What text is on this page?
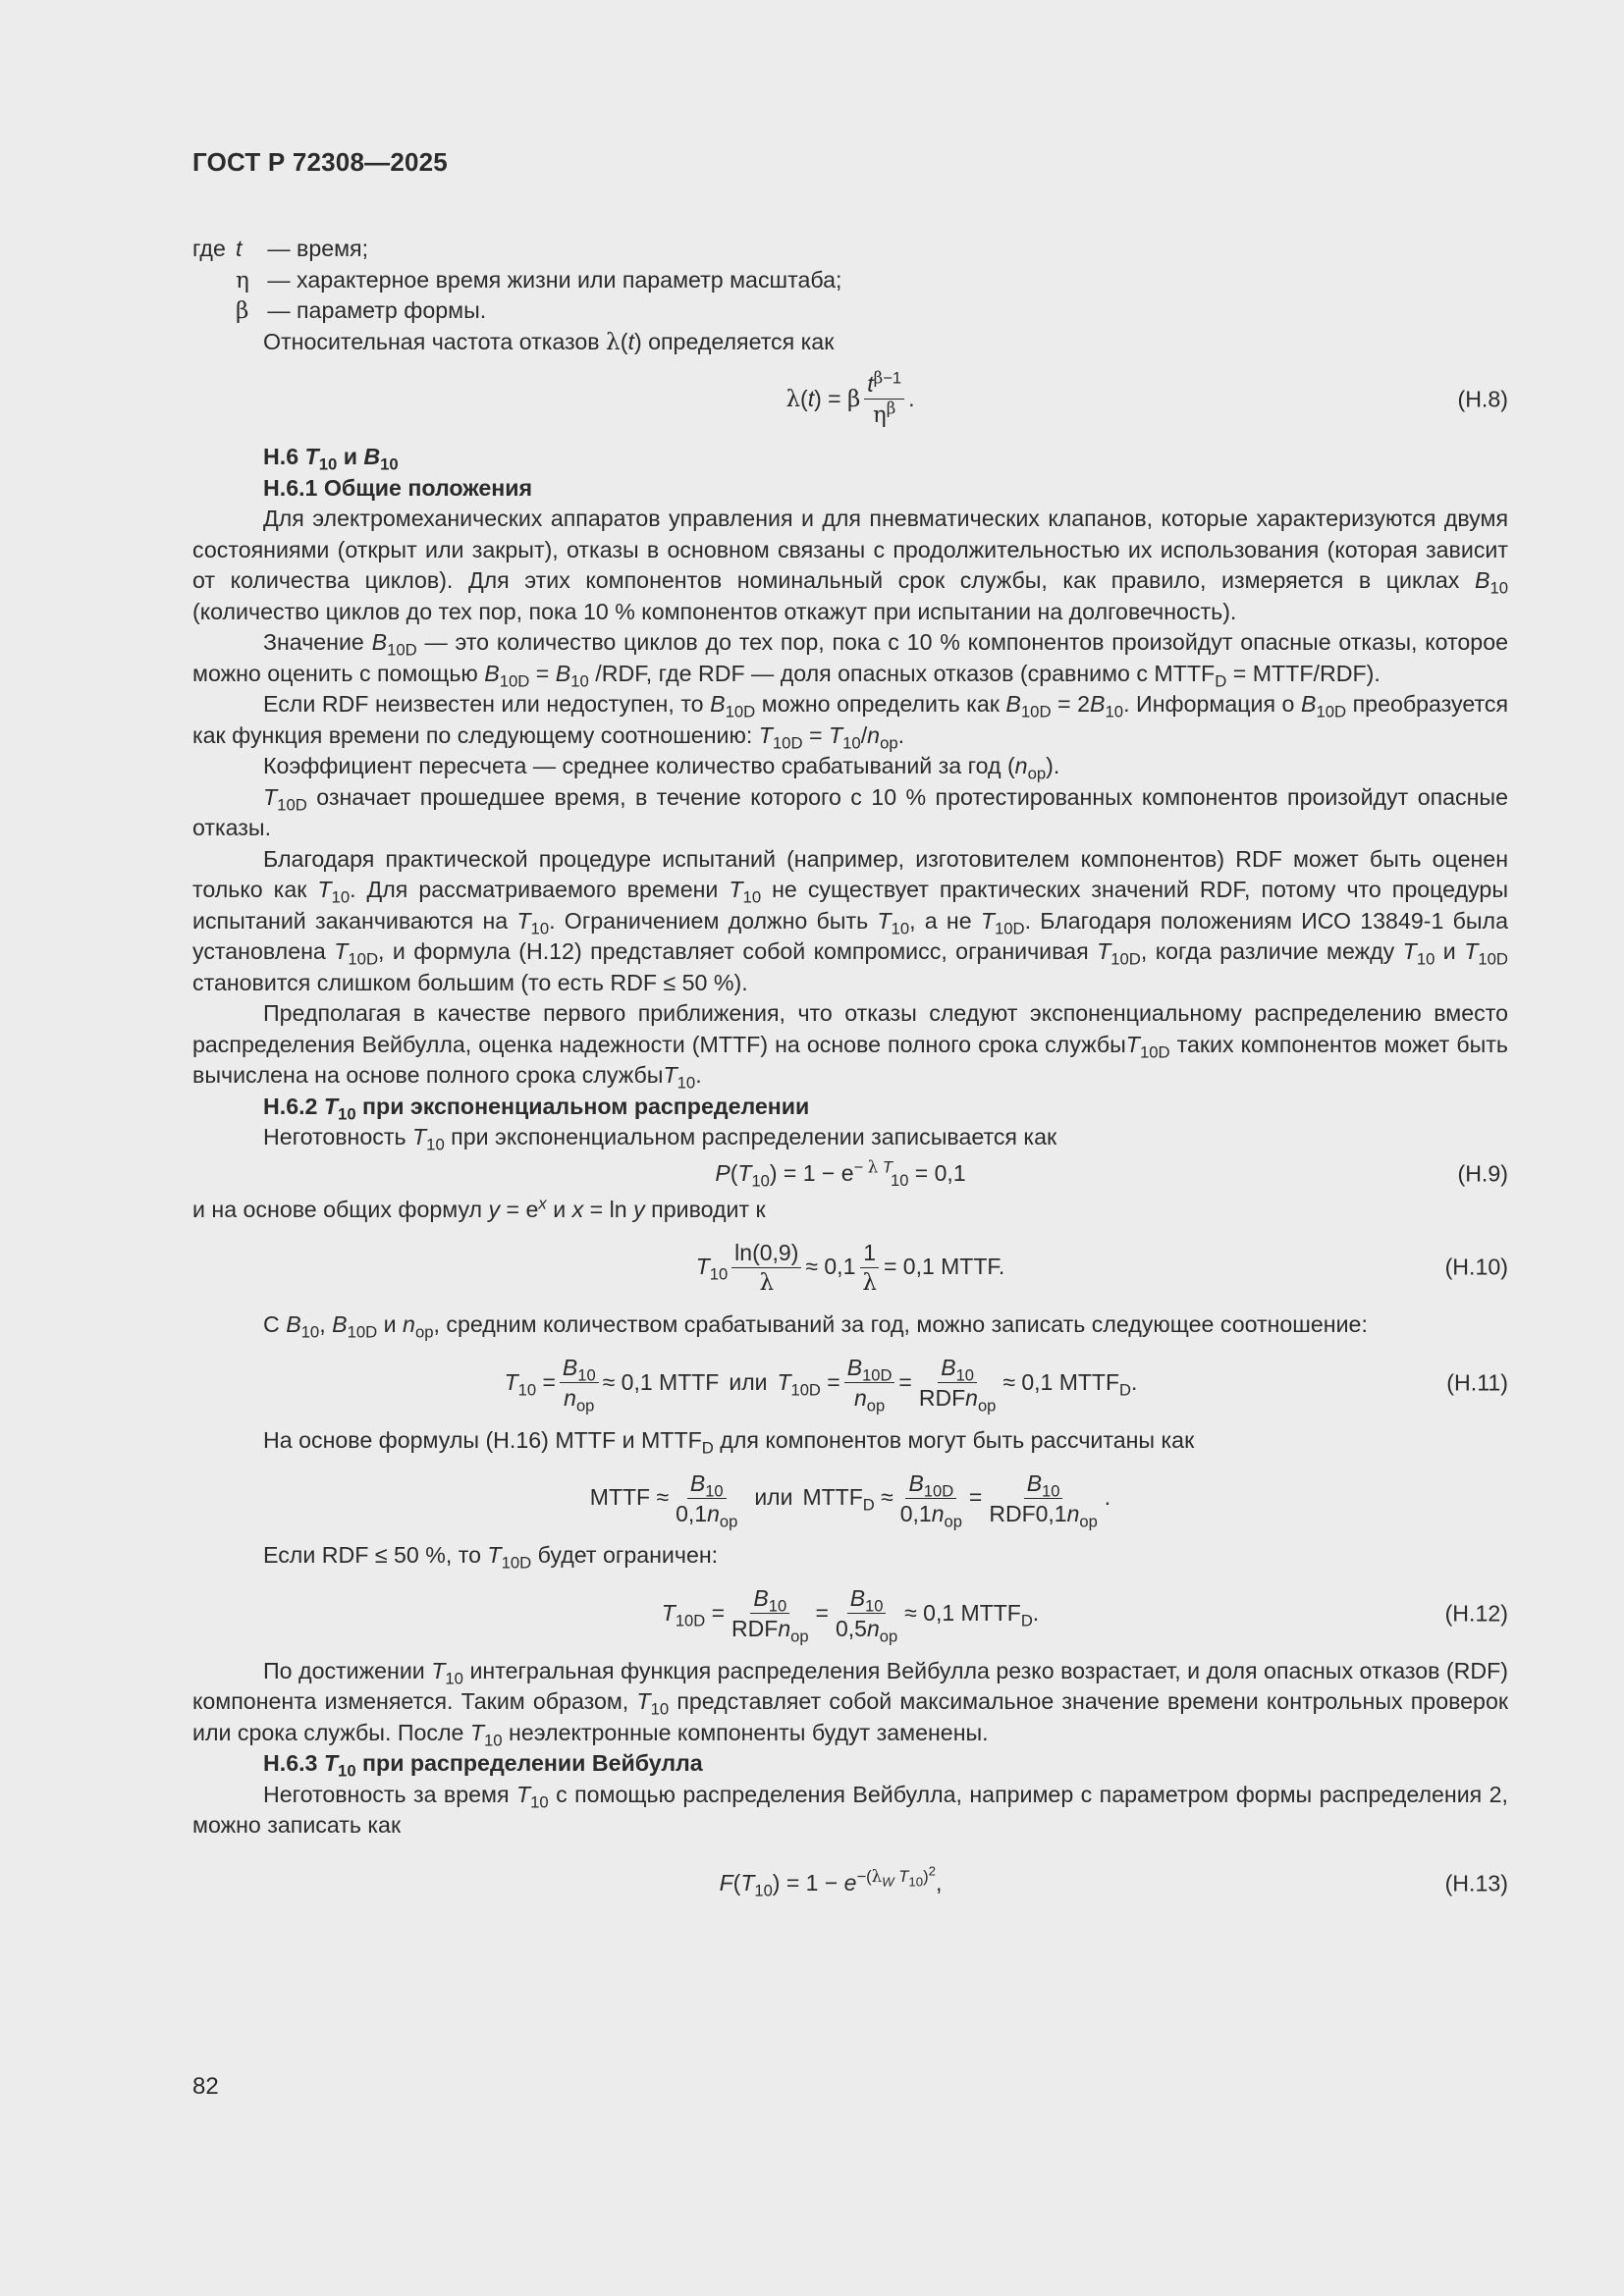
ГОСТ Р 72308—2025
где t	— время;
η — характерное время жизни или параметр масштаба;
β — параметр формы.

Относительная частота отказов λ(t) определяется как

λ(t) = β $\frac{t^{\beta-1}}{\eta^\beta}$ .	(H.8)

H.6 $T_{10}$ и $B_{10}$

H.6.1 Общие положения

Для электромеханических аппаратов управления и для пневматических клапанов, которые характеризуются двумя состояниями (открыт или закрыт), отказы в основном связаны с продолжительностью их использования (которая зависит от количества циклов). Для этих компонентов номинальный срок службы, как правило, измеряется в циклах $B_{10}$ (количество циклов до тех пор, пока 10 % компонентов откажут при испытании на долговечность).

Значение $B_{10D}$ — это количество циклов до тех пор, пока с 10 % компонентов произойдут опасные отказы, которое можно оценить с помощью $B_{10D} = B_{10}$ /RDF, где RDF — доля опасных отказов (сравнимо с $MTTF_D$ = MTTF/RDF).

Если RDF неизвестен или недоступен, то $B_{10D}$ можно определить как $B_{10D} = 2B_{10}$. Информация о $B_{10D}$ преобразуется как функция времени по следующему соотношению: $T_{10D} = T_{10}/n_{op}$.

Коэффициент пересчета — среднее количество срабатываний за год $(n_{op})$.

$T_{10D}$ означает прошедшее время, в течение которого с 10 % протестированных компонентов произойдут опасные отказы.

Благодаря практической процедуре испытаний (например, изготовителем компонентов) RDF может быть оценен только как $T_{10}$. Для рассматриваемого времени $T_{10}$ не существует практических значений RDF, потому что процедуры испытаний заканчиваются на $T_{10}$. Ограничением должно быть $T_{10}$, а не $T_{10D}$. Благодаря положениям ИСО 13849-1 была установлена $T_{10D}$, и формула (H.12) представляет собой компромисс, ограничивая $T_{10D}$, когда различие между $T_{10}$ и $T_{10D}$ становится слишком большим (то есть RDF ≤ 50 %).

Предполагая в качестве первого приближения, что отказы следуют экспоненциальному распределению вместо распределения Вейбулла, оценка надежности (MTTF) на основе полного срока службыT$_{10D}$ таких компонентов может быть вычислена на основе полного срока службыT$_{10}$.

H.6.2 $T_{10}$ при экспоненциальном распределении

Неготовность $T_{10}$ при экспоненциальном распределении записывается как

$P(T_{10}) = 1 - e^{- \lambda T}_{10} = 0,1$	(H.9)

и на основе общих формул $y = e^x$ и x = ln y приводит к

$T_{10} \frac{\ln(0,9)}{\lambda} \approx 0,1 \frac{1}{\lambda} = 0,1$ MTTF.	(H.10)

С $B_{10}$, $B_{10D}$ и $n_{op}$, средним количеством срабатываний за год, можно записать следующее соотношение:

$T_{10} = \frac{B_{10}}{n_{op}} \approx 0,1$ MTTF или $T_{10D} = \frac{B_{10D}}{n_{op}} = \frac{B_{10}}{RDFn_{op}} \approx 0,1$ $MTTF_D$.	(H.11)

На основе формулы (H.16) MTTF и $MTTF_D$ для компонентов могут быть рассчитаны как

MTTF ≈ $\frac{B_{10}}{0,1n_{op}}$ или $MTTF_D \approx \frac{B_{10D}}{0,1n_{op}} = \frac{B_{10}}{RDF0,1n_{op}}$ .

Если RDF ≤ 50 %, то $T_{10D}$ будет ограничен:

$T_{10D} = \frac{B_{10}}{RDFn_{op}} = \frac{B_{10}}{0,5n_{op}} \approx 0,1$ $MTTF_D$.	(H.12)

По достижении $T_{10}$ интегральная функция распределения Вейбулла резко возрастает, и доля опасных отказов (RDF) компонента изменяется. Таким образом, $T_{10}$ представляет собой максимальное значение времени контрольных проверок или срока службы. После $T_{10}$ неэлектронные компоненты будут заменены.

H.6.3 $T_{10}$ при распределении Вейбулла

Неготовность за время $T_{10}$ с помощью распределения Вейбулла, например с параметром формы распределения 2, можно записать как

$F(T_{10}) = 1 - e^{-(\lambda_W T_{10})^2}$,	(H.13)
82
